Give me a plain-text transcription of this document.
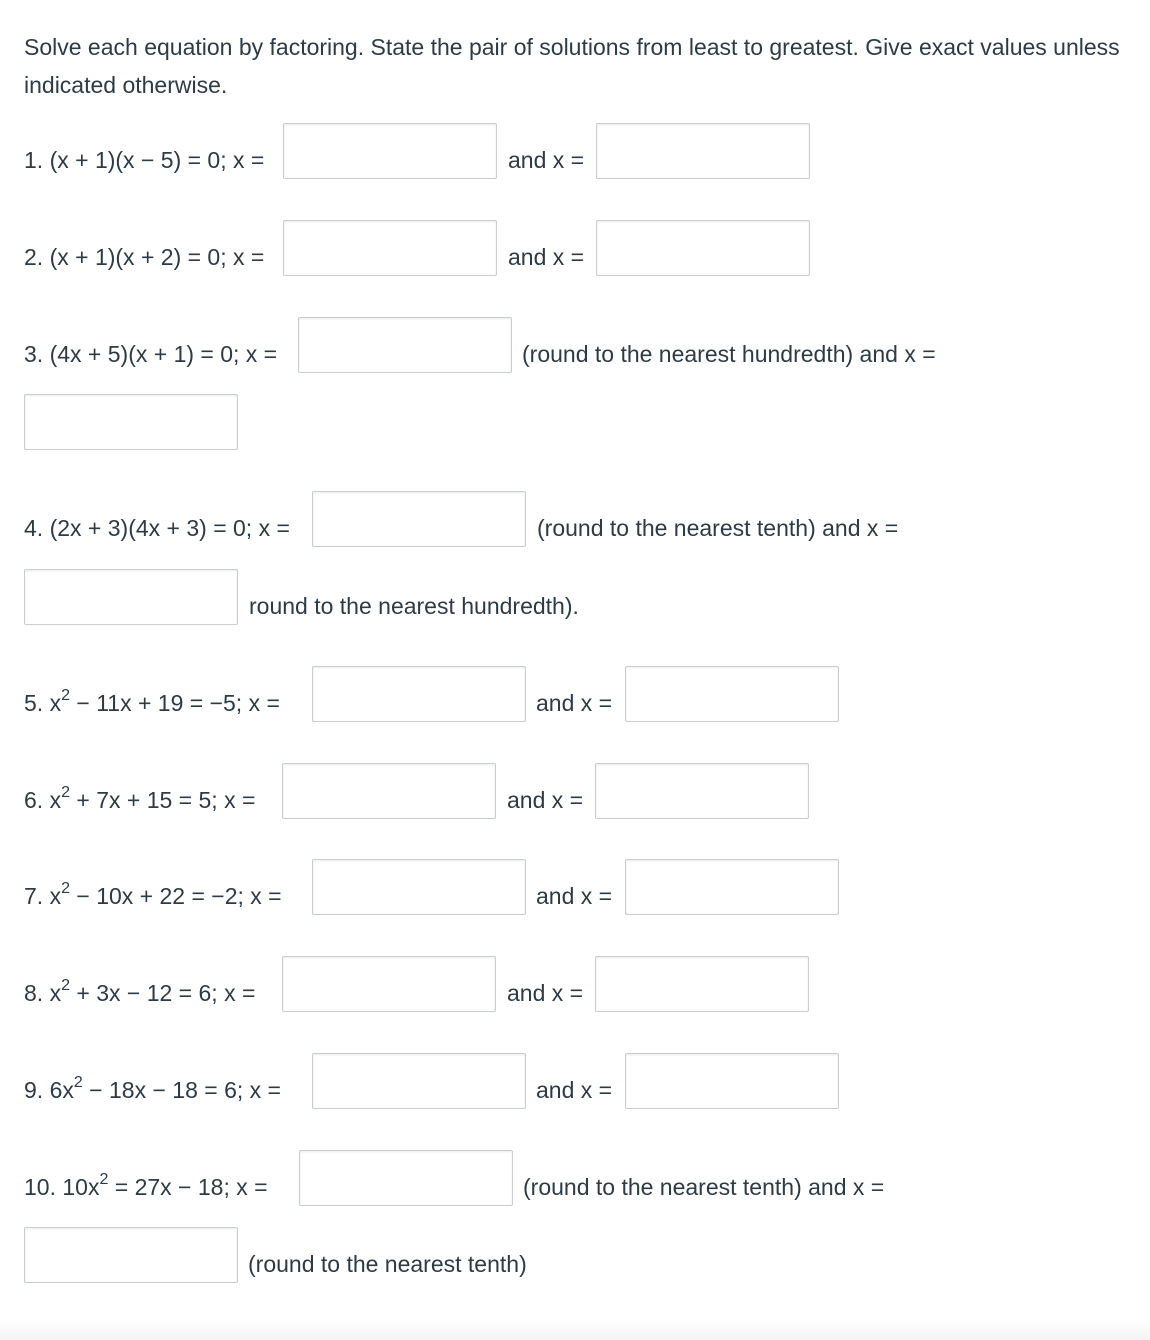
Solve each equation by factoring. State the pair of solutions from least to greatest. Give exact values unless indicated otherwise.
1. (x + 1)(x − 5) = 0; x =	and x =
2. (x + 1)(x + 2) = 0; x =	and x =
3. (4x + 5)(x + 1) = 0; x =	(round to the nearest hundredth) and x =
4. (2x + 3)(4x + 3) = 0; x =	(round to the nearest tenth) and x =
round to the nearest hundredth).
5. $x^2 - 11x + 19 = -5$; x =	and x =
6. $x^2 + 7x + 15 = 5$; x =	and x =
7. $x^2 - 10x + 22 = -2$; x =	and x =
8. $x^2 + 3x - 12 = 6$; x =	and x =
9. $6x^2 - 18x - 18 = 6$; x =	and x =
10. $10x^2 = 27x - 18$; x =	(round to the nearest tenth) and x =
(round to the nearest tenth)
